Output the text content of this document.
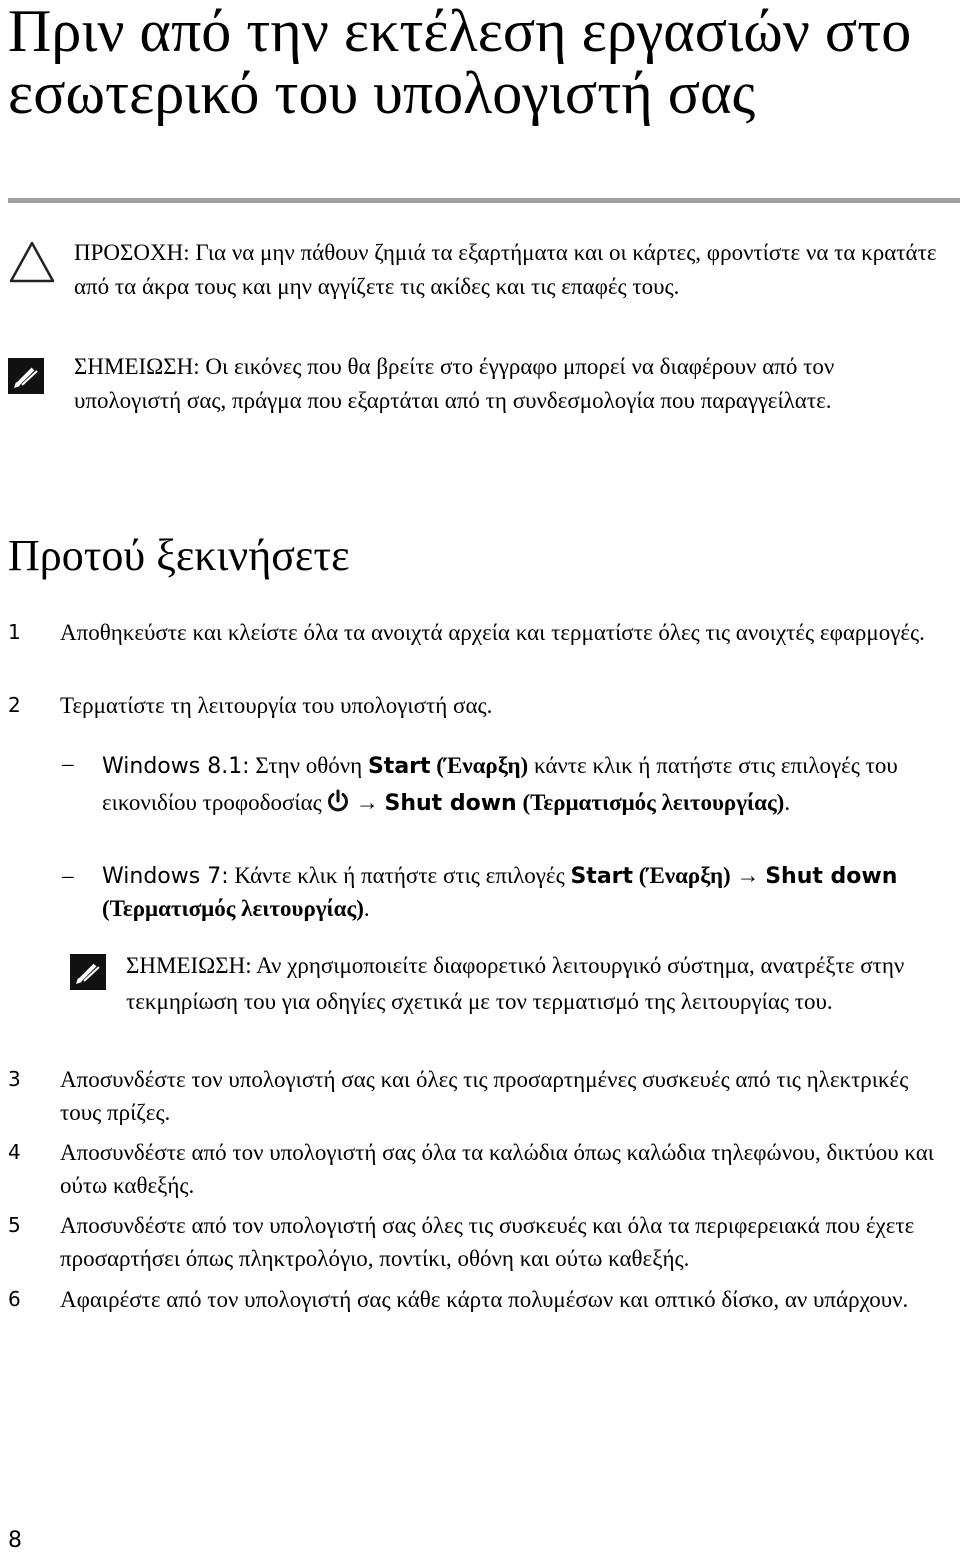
Πριν από την εκτέλεση εργασιών στο εσωτερικό του υπολογιστή σας

ΠΡΟΣΟΧΗ: Για να μην πάθουν ζημιά τα εξαρτήματα και οι κάρτες, φροντίστε να τα κρατάτε από τα άκρα τους και μην αγγίζετε τις ακίδες και τις επαφές τους.

ΣΗΜΕΙΩΣΗ: Οι εικόνες που θα βρείτε στο έγγραφο μπορεί να διαφέρουν από τον υπολογιστή σας, πράγμα που εξαρτάται από τη συνδεσμολογία που παραγγείλατε.

Προτού ξεκινήσετε
1 Αποθηκεύστε και κλείστε όλα τα ανοιχτά αρχεία και τερματίστε όλες τις ανοιχτές εφαρμογές.

2 Τερματίστε τη λειτουργία του υπολογιστή σας.

– Windows 8.1: Στην οθόνη Start (Έναρξη) κάντε κλικ ή πατήστε στις επιλογές του εικονιδίου τροφοδοσίας → Shut down (Τερματισμός λειτουργίας).

– Windows 7: Κάντε κλικ ή πατήστε στις επιλογές Start (Έναρξη) → Shut down (Τερματισμός λειτουργίας).

ΣΗΜΕΙΩΣΗ: Αν χρησιμοποιείτε διαφορετικό λειτουργικό σύστημα, ανατρέξτε στην τεκμηρίωση του για οδηγίες σχετικά με τον τερματισμό της λειτουργίας του.

3 Αποσυνδέστε τον υπολογιστή σας και όλες τις προσαρτημένες συσκευές από τις ηλεκτρικές τους πρίζες.

4 Αποσυνδέστε από τον υπολογιστή σας όλα τα καλώδια όπως καλώδια τηλεφώνου, δικτύου και ούτω καθεξής.

5 Αποσυνδέστε από τον υπολογιστή σας όλες τις συσκευές και όλα τα περιφερειακά που έχετε προσαρτήσει όπως πληκτρολόγιο, ποντίκι, οθόνη και ούτω καθεξής.

6 Αφαιρέστε από τον υπολογιστή σας κάθε κάρτα πολυμέσων και οπτικό δίσκο, αν υπάρχουν.

8
